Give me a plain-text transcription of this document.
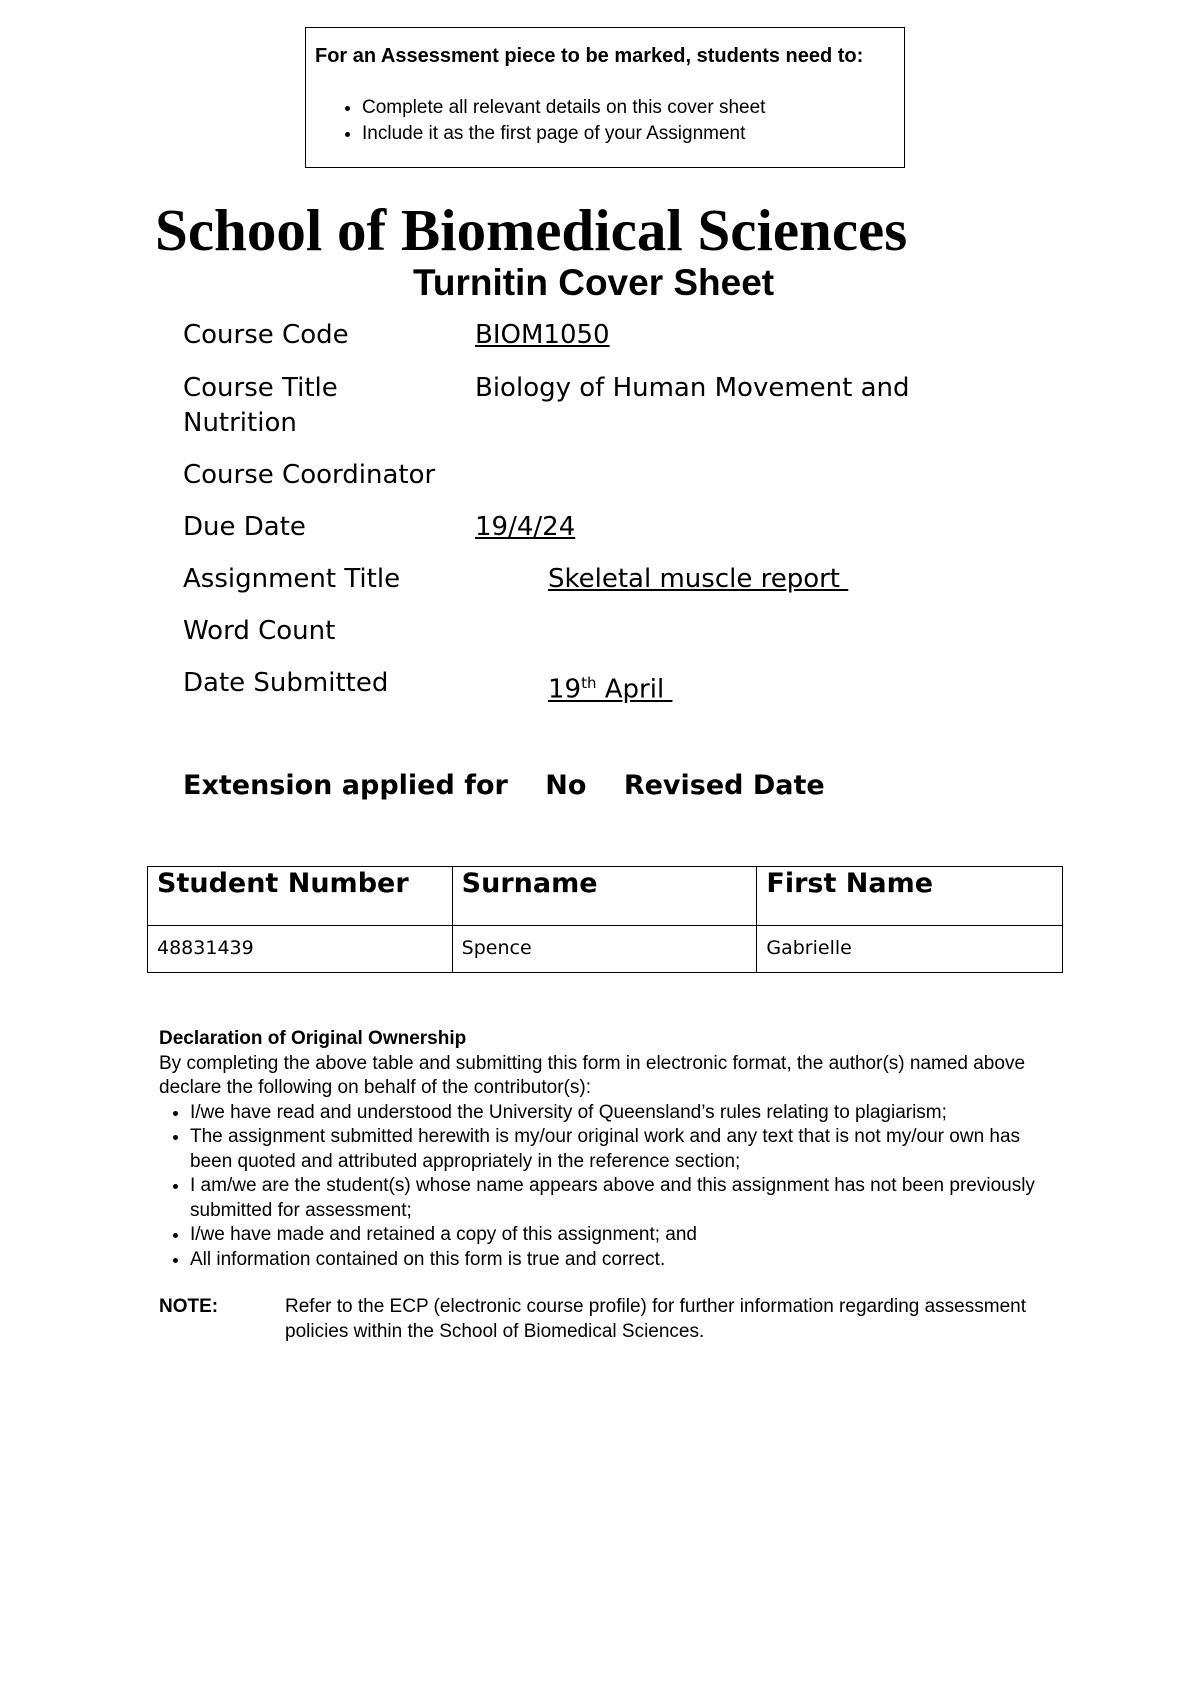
For an Assessment piece to be marked, students need to:
• Complete all relevant details on this cover sheet
• Include it as the first page of your Assignment
School of Biomedical Sciences
Turnitin Cover Sheet
Course Code	BIOM1050
Course Title	Biology of Human Movement and
Nutrition
Course Coordinator
Due Date	19/4/24
Assignment Title	Skeletal muscle report
Word Count
Date Submitted	19th April
Extension applied for No Revised Date
Student Number	Surname	First Name
48831439	Spence	Gabrielle
Declaration of Original Ownership
By completing the above table and submitting this form in electronic format, the author(s) named above declare the following on behalf of the contributor(s):
• I/we have read and understood the University of Queensland’s rules relating to plagiarism;
• The assignment submitted herewith is my/our original work and any text that is not my/our own has been quoted and attributed appropriately in the reference section;
• I am/we are the student(s) whose name appears above and this assignment has not been previously submitted for assessment;
• I/we have made and retained a copy of this assignment; and
• All information contained on this form is true and correct.
NOTE:	Refer to the ECP (electronic course profile) for further information regarding assessment policies within the School of Biomedical Sciences.
